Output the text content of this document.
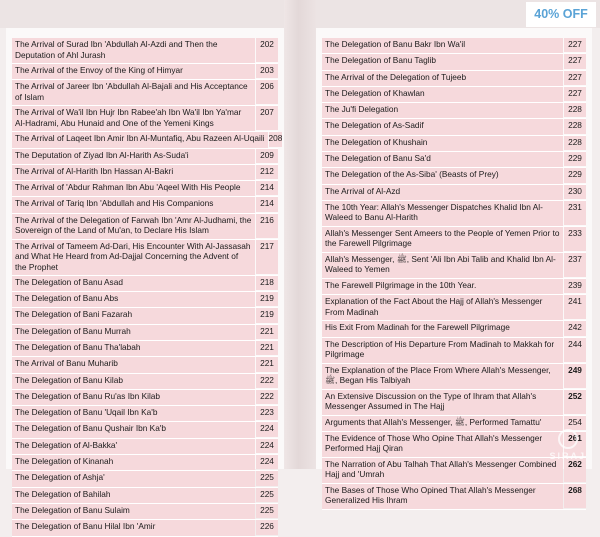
The Arrival of Surad Ibn 'Abdullah Al-Azdi and Then the Deputation of Ahl Jurash
202
The Arrival of the Envoy of the King of Himyar	203
The Arrival of Jareer Ibn 'Abdullah Al-Bajali and His Acceptance of Islam
206
The Arrival of Wa'il Ibn Hujr Ibn Rabee'ah Ibn Wa'il Ibn Ya'mar Al-Hadrami, Abu Hunaid and One of the Yemeni Kings
207
The Arrival of Laqeet Ibn Amir Ibn Al-Muntafiq, Abu Razeen Al-Uqaili 208
The Deputation of Ziyad Ibn Al-Harith As-Suda'i	209
The Arrival of Al-Harith Ibn Hassan Al-Bakri	212
The Arrival of 'Abdur Rahman Ibn Abu 'Aqeel With His People	214
The Arrival of Tariq Ibn 'Abdullah and His Companions	214
The Arrival of the Delegation of Farwah Ibn 'Amr Al-Judhami, the Sovereign of the Land of Mu'an, to Declare His Islam
216
The Arrival of Tameem Ad-Dari, His Encounter With Al-Jassasah and What He Heard from Ad-Dajjal Concerning the Advent of the Prophet
217
The Delegation of Banu Asad	218
The Delegation of Banu Abs	219
The Delegation of Bani Fazarah	219
The Delegation of Banu Murrah	221
The Delegation of Banu Tha'labah	221
The Arrival of Banu Muharib	221
The Delegation of Banu Kilab	222
The Delegation of Banu Ru'as Ibn Kilab	222
The Delegation of Banu 'Uqail Ibn Ka'b	223
The Delegation of Banu Qushair Ibn Ka'b	224
The Delegation of Al-Bakka'	224
The Delegation of Kinanah	224
The Delegation of Ashja'	225
The Delegation of Bahilah	225
The Delegation of Banu Sulaim	225
The Delegation of Banu Hilal Ibn 'Amir	226
The Delegation of Banu Bakr Ibn Wa'il	227
The Delegation of Banu Taglib	227
The Arrival of the Delegation of Tujeeb	227
The Delegation of Khawlan	227
The Ju'fi Delegation	228
The Delegation of As-Sadif	228
The Delegation of Khushain	228
The Delegation of Banu Sa'd	229
The Delegation of the As-Siba' (Beasts of Prey)	229
The Arrival of Al-Azd	230
The 10th Year: Allah's Messenger Dispatches Khalid Ibn Al-Waleed to Banu Al-Harith
231
Allah's Messenger Sent Ameers to the People of Yemen Prior to the Farewell Pilgrimage
233
Allah's Messenger, ﷺ, Sent 'Ali Ibn Abi Talib and Khalid Ibn Al-Waleed to Yemen
237
The Farewell Pilgrimage in the 10th Year.	239
Explanation of the Fact About the Hajj of Allah's Messenger From Madinah
241
His Exit From Madinah for the Farewell Pilgrimage	242
The Description of His Departure From Madinah to Makkah for Pilgrimage
244
The Explanation of the Place From Where Allah's Messenger, ﷺ, Began His Talbiyah
249
An Extensive Discussion on the Type of Ihram that Allah's Messenger Assumed in The Hajj
252
Arguments that Allah's Messenger, ﷺ, Performed Tamattu'	254
The Evidence of Those Who Opine That Allah's Messenger Performed Hajj Qiran
261
The Narration of Abu Talhah That Allah's Messenger Combined Hajj and 'Umrah
262
The Bases of Those Who Opined That Allah's Messenger Generalized His Ihram
268
40% OFF
SIRAJ
